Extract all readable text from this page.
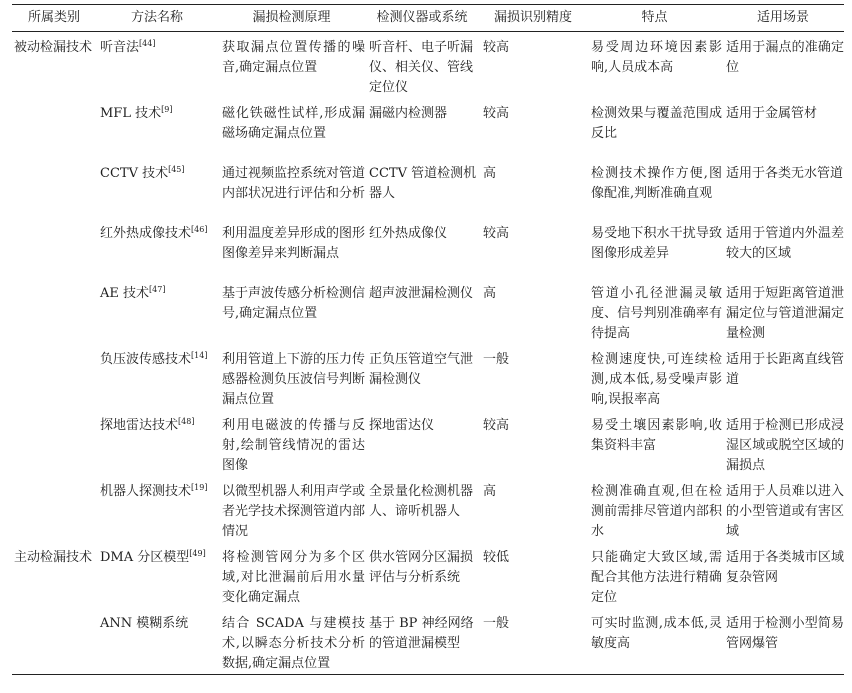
所属类别	方法名称	漏损检测原理	检测仪器或系统	漏损识别精度	特点	适用场景
被动检漏技术	听音法[44]	获取漏点位置传播的噪音,确定漏点位置	听音杆、电子听漏仪、相关仪、管线定位仪	较高	易受周边环境因素影响,人员成本高	适用于漏点的准确定位
	MFL 技术[9]	磁化铁磁性试样,形成漏磁场确定漏点位置	漏磁内检测器	较高	检测效果与覆盖范围成反比	适用于金属管材
	CCTV 技术[45]	通过视频监控系统对管道内部状况进行评估和分析	CCTV 管道检测机器人	高	检测技术操作方便,图像配准,判断准确直观	适用于各类无水管道
	红外热成像技术[46]	利用温度差异形成的图形图像差异来判断漏点	红外热成像仪	较高	易受地下积水干扰导致图像形成差异	适用于管道内外温差较大的区域
	AE 技术[47]	基于声波传感分析检测信号,确定漏点位置	超声波泄漏检测仪	高	管道小孔径泄漏灵敏度、信号判别准确率有待提高	适用于短距离管道泄漏定位与管道泄漏定量检测
	负压波传感技术[14]	利用管道上下游的压力传感器检测负压波信号判断漏点位置	正负压管道空气泄漏检测仪	一般	检测速度快,可连续检测,成本低,易受噪声影响,误报率高	适用于长距离直线管道
	探地雷达技术[48]	利用电磁波的传播与反射,绘制管线情况的雷达图像	探地雷达仪	较高	易受土壤因素影响,收集资料丰富	适用于检测已形成浸湿区域或脱空区域的漏损点
	机器人探测技术[19]	以微型机器人利用声学或者光学技术探测管道内部情况	全景量化检测机器人、谛听机器人	高	检测准确直观,但在检测前需排尽管道内部积水	适用于人员难以进入的小型管道或有害区域
主动检漏技术	DMA 分区模型[49]	将检测管网分为多个区域,对比泄漏前后用水量变化确定漏点	供水管网分区漏损评估与分析系统	较低	只能确定大致区域,需配合其他方法进行精确定位	适用于各类城市区域复杂管网
	ANN 模糊系统	结合 SCADA 与建模技术,以瞬态分析技术分析数据,确定漏点位置	基于 BP 神经网络的管道泄漏模型	一般	可实时监测,成本低,灵敏度高	适用于检测小型简易管网爆管
